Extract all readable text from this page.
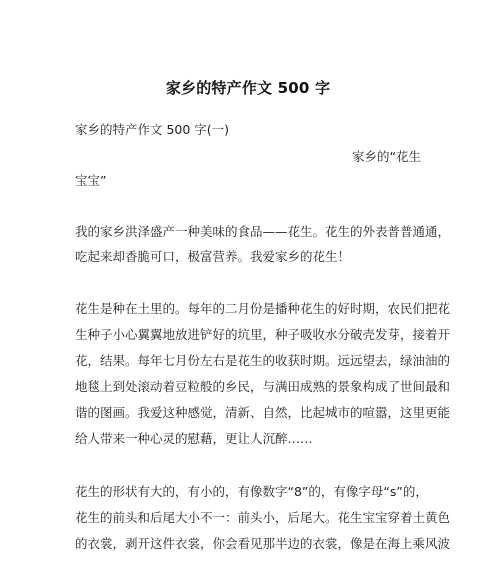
家乡的特产作文 500 字
家乡的特产作文 500 字(一)
家乡的“花生
宝宝”
我的家乡洪泽盛产一种美味的食品——花生。花生的外表普普通通，
吃起来却香脆可口，极富营养。我爱家乡的花生！
花生是种在土里的。每年的二月份是播种花生的好时期，农民们把花
生种子小心翼翼地放进铲好的坑里，种子吸收水分破壳发芽，接着开
花，结果。每年七月份左右是花生的收获时期。远远望去，绿油油的
地毯上到处滚动着豆粒般的乡民，与满田成熟的景象构成了世间最和
谐的图画。我爱这种感觉，清新、自然，比起城市的喧嚣，这里更能
给人带来一种心灵的慰藉，更让人沉醉……
花生的形状有大的，有小的，有像数字“8”的，有像字母“s”的，
花生的前头和后尾大小不一：前头小，后尾大。花生宝宝穿着土黄色
的衣裳，剥开这件衣裳，你会看见那半边的衣裳，像是在海上乘风波
